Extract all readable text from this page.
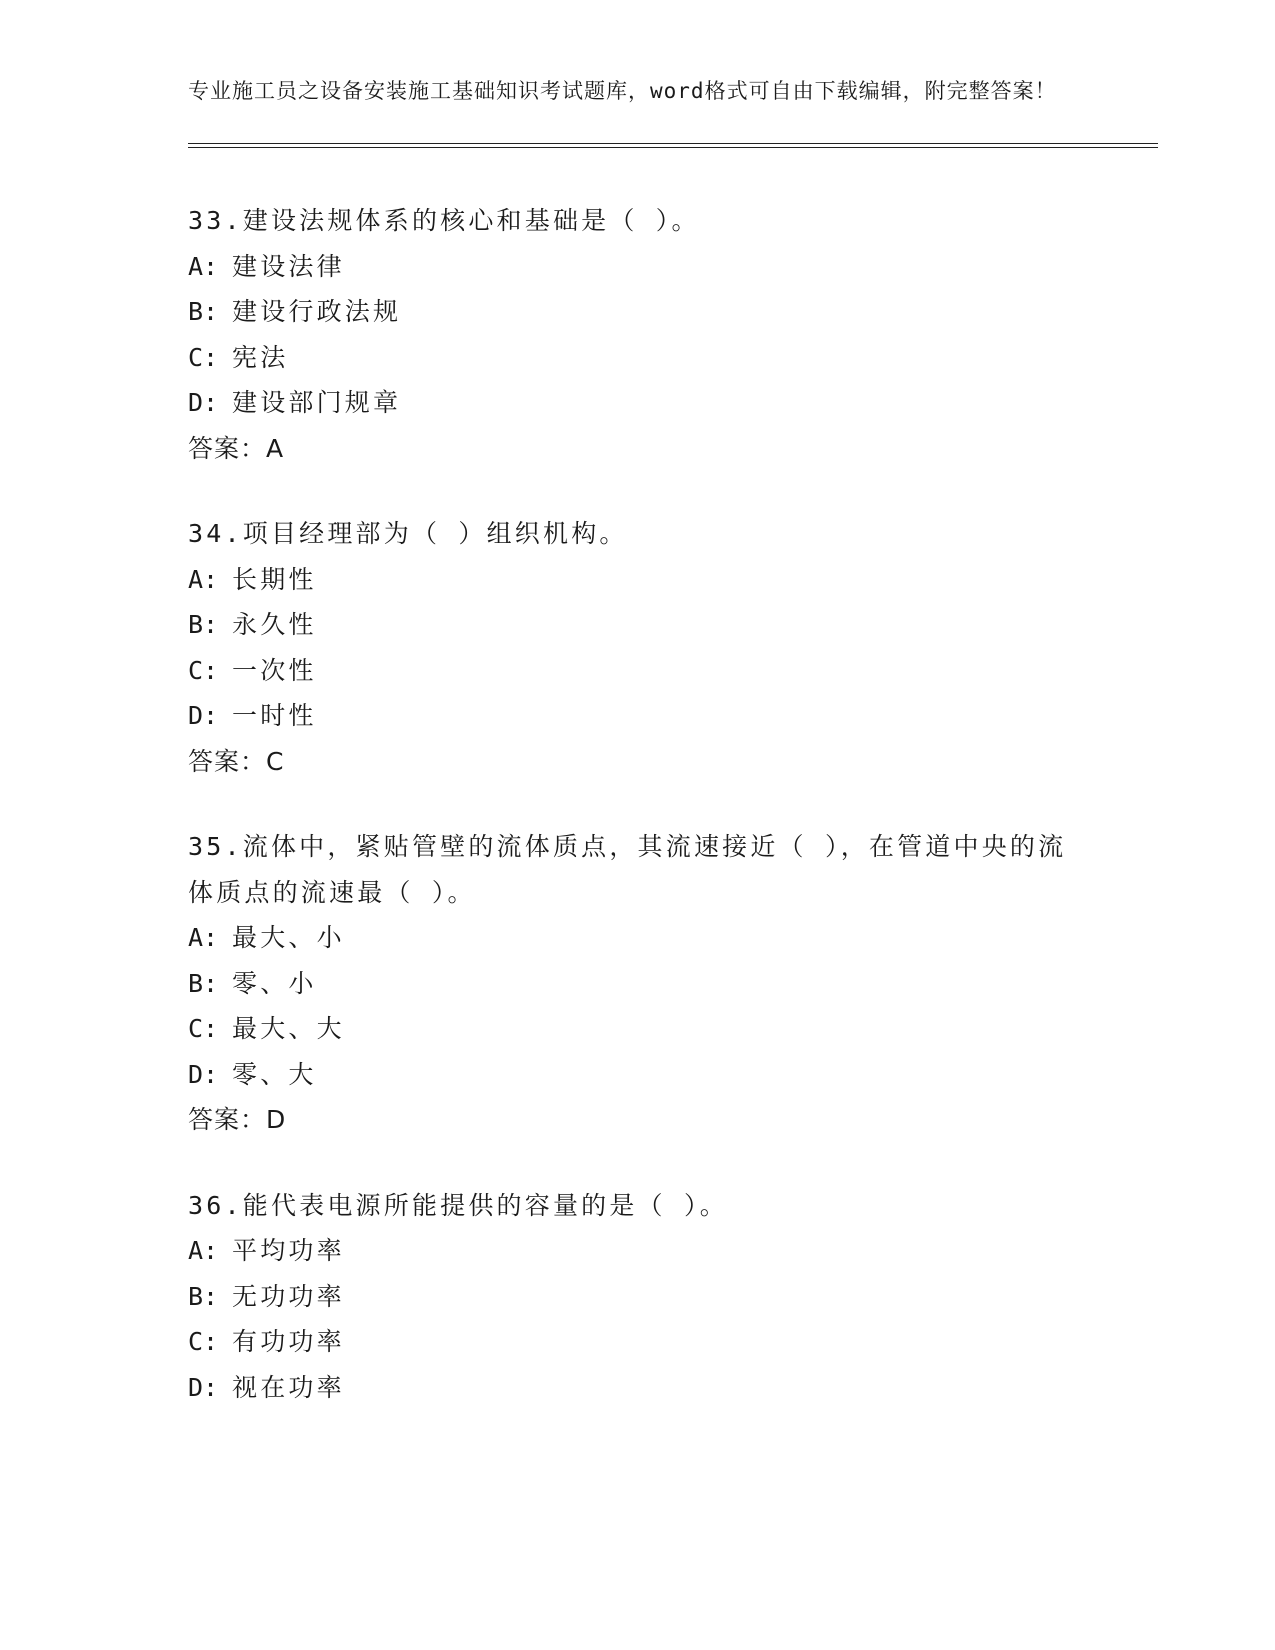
专业施工员之设备安装施工基础知识考试题库，word格式可自由下载编辑，附完整答案！
33.建设法规体系的核心和基础是（ ）。
A: 建设法律
B: 建设行政法规
C: 宪法
D: 建设部门规章
答案：A
34.项目经理部为（ ）组织机构。
A: 长期性
B: 永久性
C: 一次性
D: 一时性
答案：C
35.流体中，紧贴管壁的流体质点，其流速接近（ ），在管道中央的流体质点的流速最（ ）。
A: 最大、小
B: 零、小
C: 最大、大
D: 零、大
答案：D
36.能代表电源所能提供的容量的是（ ）。
A: 平均功率
B: 无功功率
C: 有功功率
D: 视在功率
